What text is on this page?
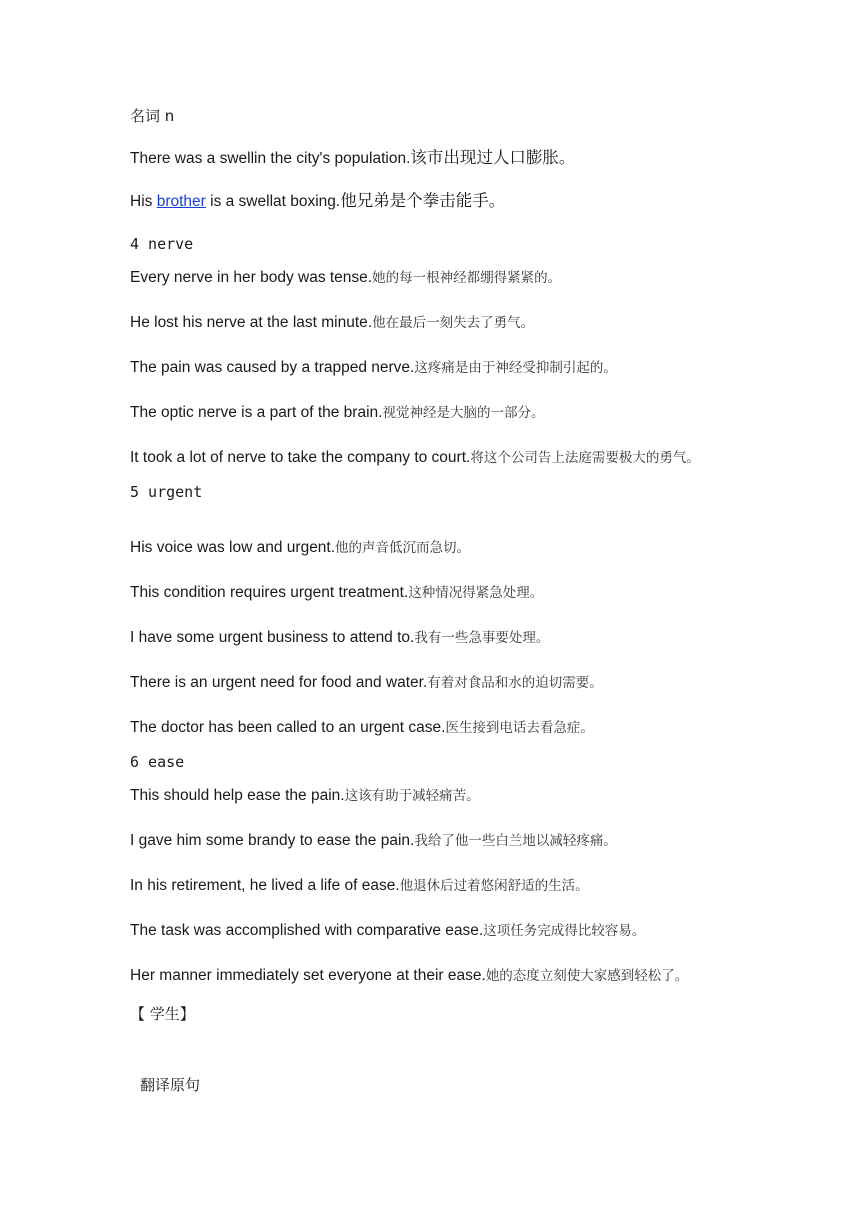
名词 n
There was a swellin the city's population.该市出现过人口膨胀。
His brother is a swellat boxing.他兄弟是个拳击能手。
4 nerve
Every nerve in her body was tense.她的每一根神经都绷得紧紧的。
He lost his nerve at the last minute.他在最后一刻失去了勇气。
The pain was caused by a trapped nerve.这疼痛是由于神经受抑制引起的。
The optic nerve is a part of the brain.视觉神经是大脑的一部分。
It took a lot of nerve to take the company to court.将这个公司告上法庭需要极大的勇气。
5 urgent
His voice was low and urgent.他的声音低沉而急切。
This condition requires urgent treatment.这种情况得紧急处理。
I have some urgent business to attend to.我有一些急事要处理。
There is an urgent need for food and water.有着对食品和水的迫切需要。
The doctor has been called to an urgent case.医生接到电话去看急症。
6 ease
This should help ease the pain.这该有助于减轻痛苦。
I gave him some brandy to ease the pain.我给了他一些白兰地以减轻疼痛。
In his retirement, he lived a life of ease.他退休后过着悠闲舒适的生活。
The task was accomplished with comparative ease.这项任务完成得比较容易。
Her manner immediately set everyone at their ease.她的态度立刻使大家感到轻松了。
【 学生】
翻译原句
